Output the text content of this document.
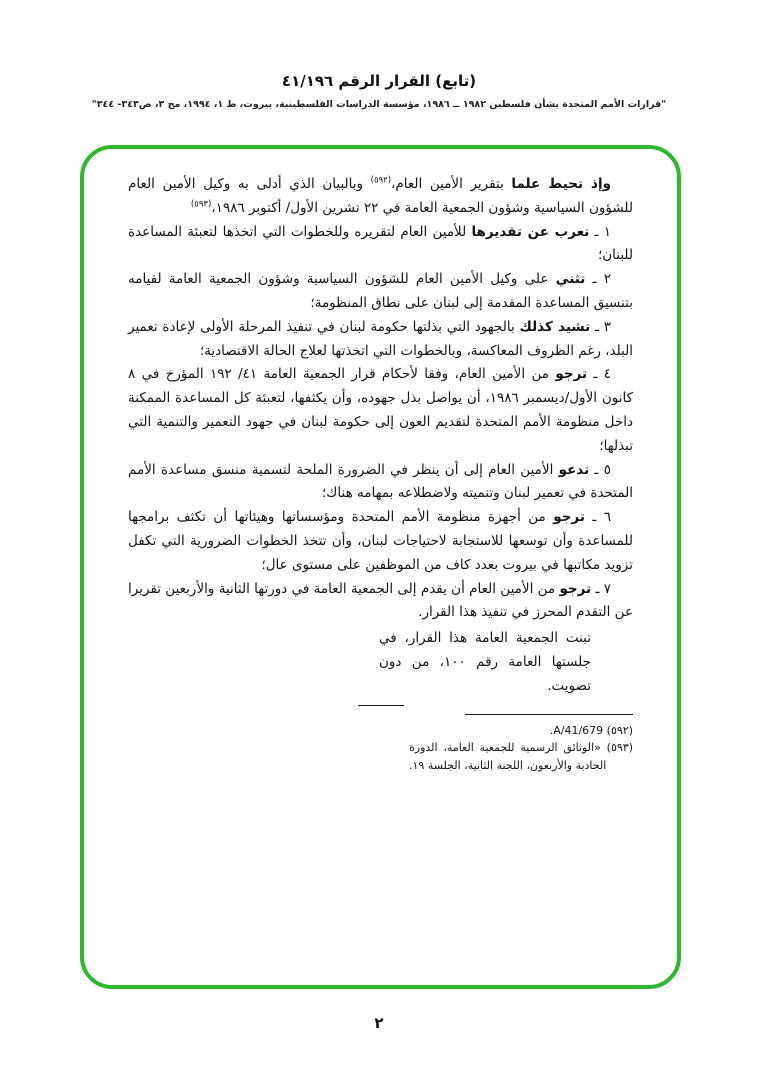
(تابع) القرار الرقم ٤١/١٩٦
"قرارات الأمم المتحدة بشأن فلسطين ١٩٨٢ ــ ١٩٨٦، مؤسسة الدراسات الفلسطينية، بيروت، ط ١، ١٩٩٤، مج ٣، ص٣٤٣- ٣٤٤"

وإذ تحيط علما بتقرير الأمين العام،$^{(٥٩٢)}$ وبالبيان الذي أدلى به وكيل الأمين العام للشؤون السياسية وشؤون الجمعية العامة في ٢٢ تشرين الأول/ أكتوبر ١٩٨٦،$^{(٥٩٣)}$

١ ـ تعرب عن تقديرها للأمين العام لتقريره وللخطوات التي اتخذها لتعبئة المساعدة للبنان؛

٢ ـ تثني على وكيل الأمين العام للشؤون السياسية وشؤون الجمعية العامة لقيامه بتنسيق المساعدة المقدمة إلى لبنان على نطاق المنظومة؛

٣ ـ تشيد كذلك بالجهود التي بذلتها حكومة لبنان في تنفيذ المرحلة الأولى لإعادة تعمير البلد، رغم الظروف المعاكسة، وبالخطوات التي اتخذتها لعلاج الحالة الاقتصادية؛

٤ ـ ترجو من الأمين العام، وفقا لأحكام قرار الجمعية العامة ٤١/ ١٩٢ المؤرخ في ٨ كانون الأول/ديسمبر ١٩٨٦، أن يواصل بذل جهوده، وأن يكثفها، لتعبئة كل المساعدة الممكنة داخل منظومة الأمم المتحدة لتقديم العون إلى حكومة لبنان في جهود التعمير والتنمية التي تبذلها؛

٥ ـ تدعو الأمين العام إلى أن ينظر في الضرورة الملحة لتسمية منسق مساعدة الأمم المتحدة في تعمير لبنان وتنميته ولاضطلاعه بمهامه هناك؛

٦ ـ ترجو من أجهزة منظومة الأمم المتحدة ومؤسساتها وهيئاتها أن تكثف برامجها للمساعدة وأن توسعها للاستجابة لاحتياجات لبنان، وأن تتخذ الخطوات الضرورية التي تكفل تزويد مكاتبها في بيروت بعدد كاف من الموظفين على مستوى عال؛

٧ ـ ترجو من الأمين العام أن يقدم إلى الجمعية العامة في دورتها الثانية والأربعين تقريرا عن التقدم المحرز في تنفيذ هذا القرار.

تبنت الجمعية العامة هذا القرار، في جلستها العامة رقم ١٠٠، من دون تصويت.

(٥٩٢) A/41/679.

(٥٩٣) «الوثائق الرسمية للجمعية العامة، الدورة الحادية والأربعون، اللجنة الثانية، الجلسة ١٩.

٢
